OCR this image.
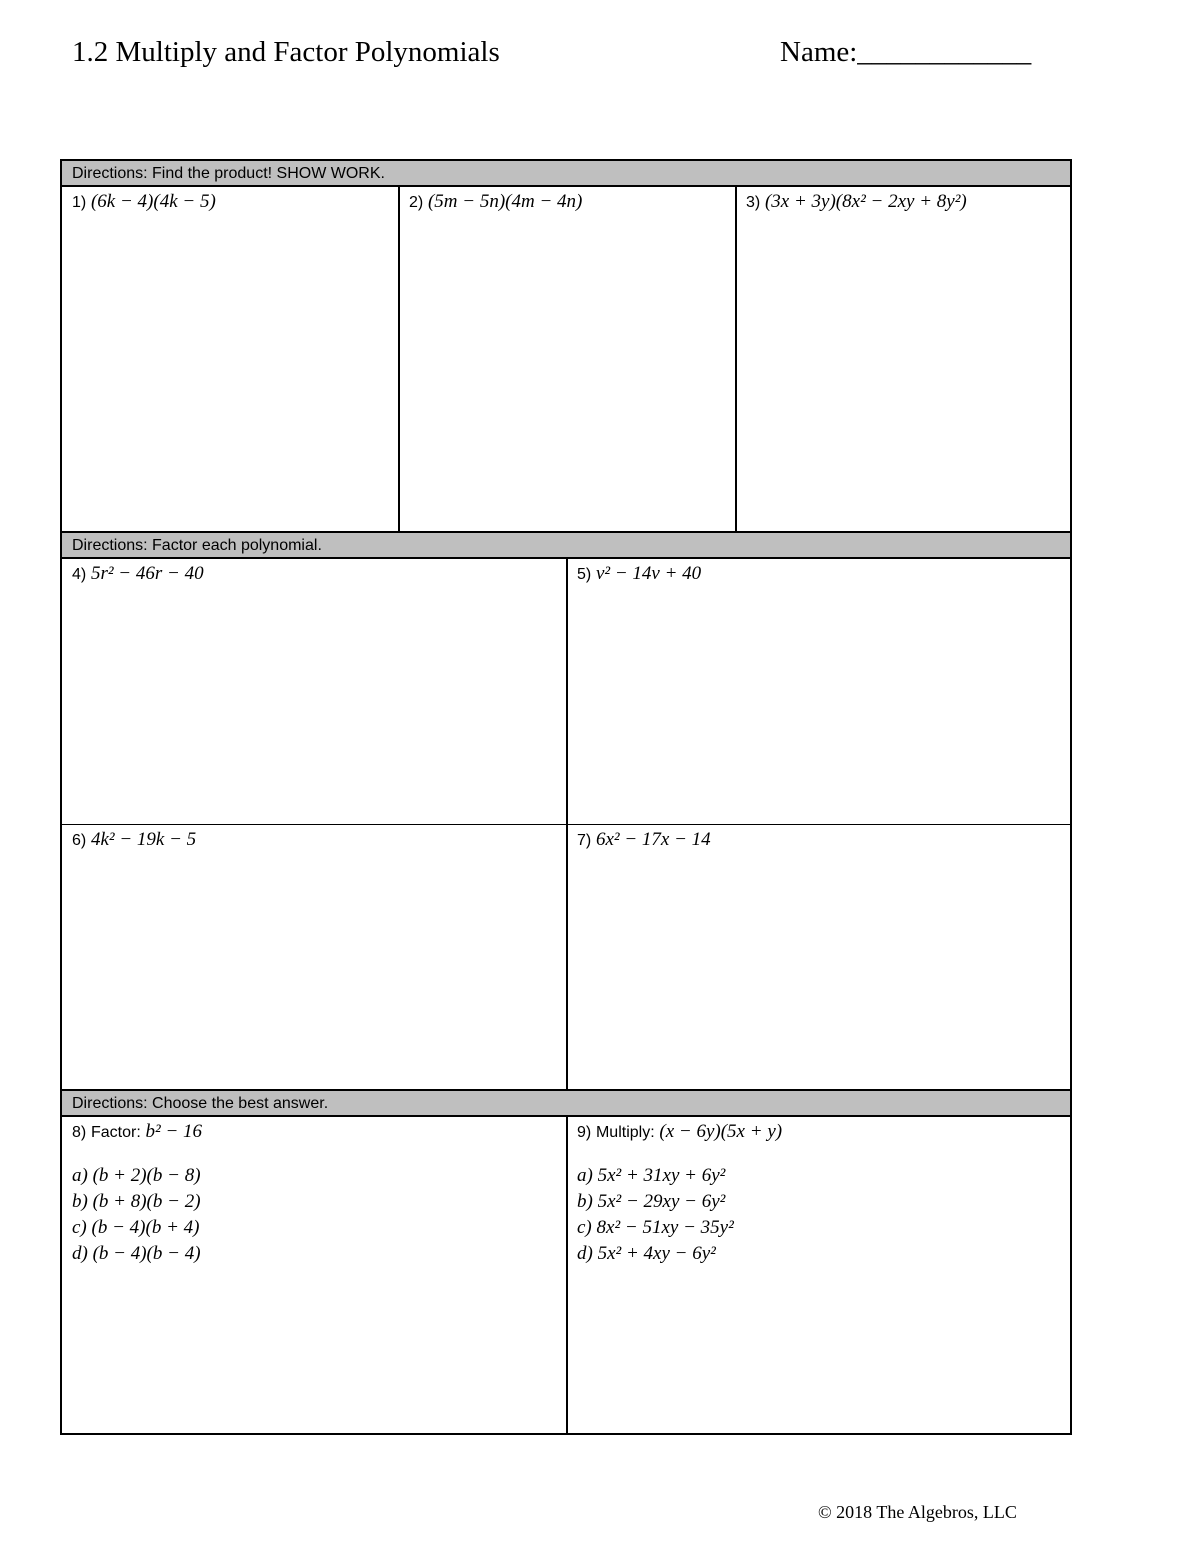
1.2 Multiply and Factor Polynomials	Name:____________
Directions: Find the product! SHOW WORK.
1) (6k − 4)(4k − 5)	2) (5m − 5n)(4m − 4n)	3) (3x + 3y)(8x² − 2xy + 8y²)
Directions: Factor each polynomial.
4) 5r² − 46r − 40	5) v² − 14v + 40
6) 4k² − 19k − 5	7) 6x² − 17x − 14
Directions: Choose the best answer.
8) Factor: b² − 16
a) (b + 2)(b − 8)
b) (b + 8)(b − 2)
c) (b − 4)(b + 4)
d) (b − 4)(b − 4)
9) Multiply: (x − 6y)(5x + y)
a) 5x² + 31xy + 6y²
b) 5x² − 29xy − 6y²
c) 8x² − 51xy − 35y²
d) 5x² + 4xy − 6y²
© 2018 The Algebros, LLC
